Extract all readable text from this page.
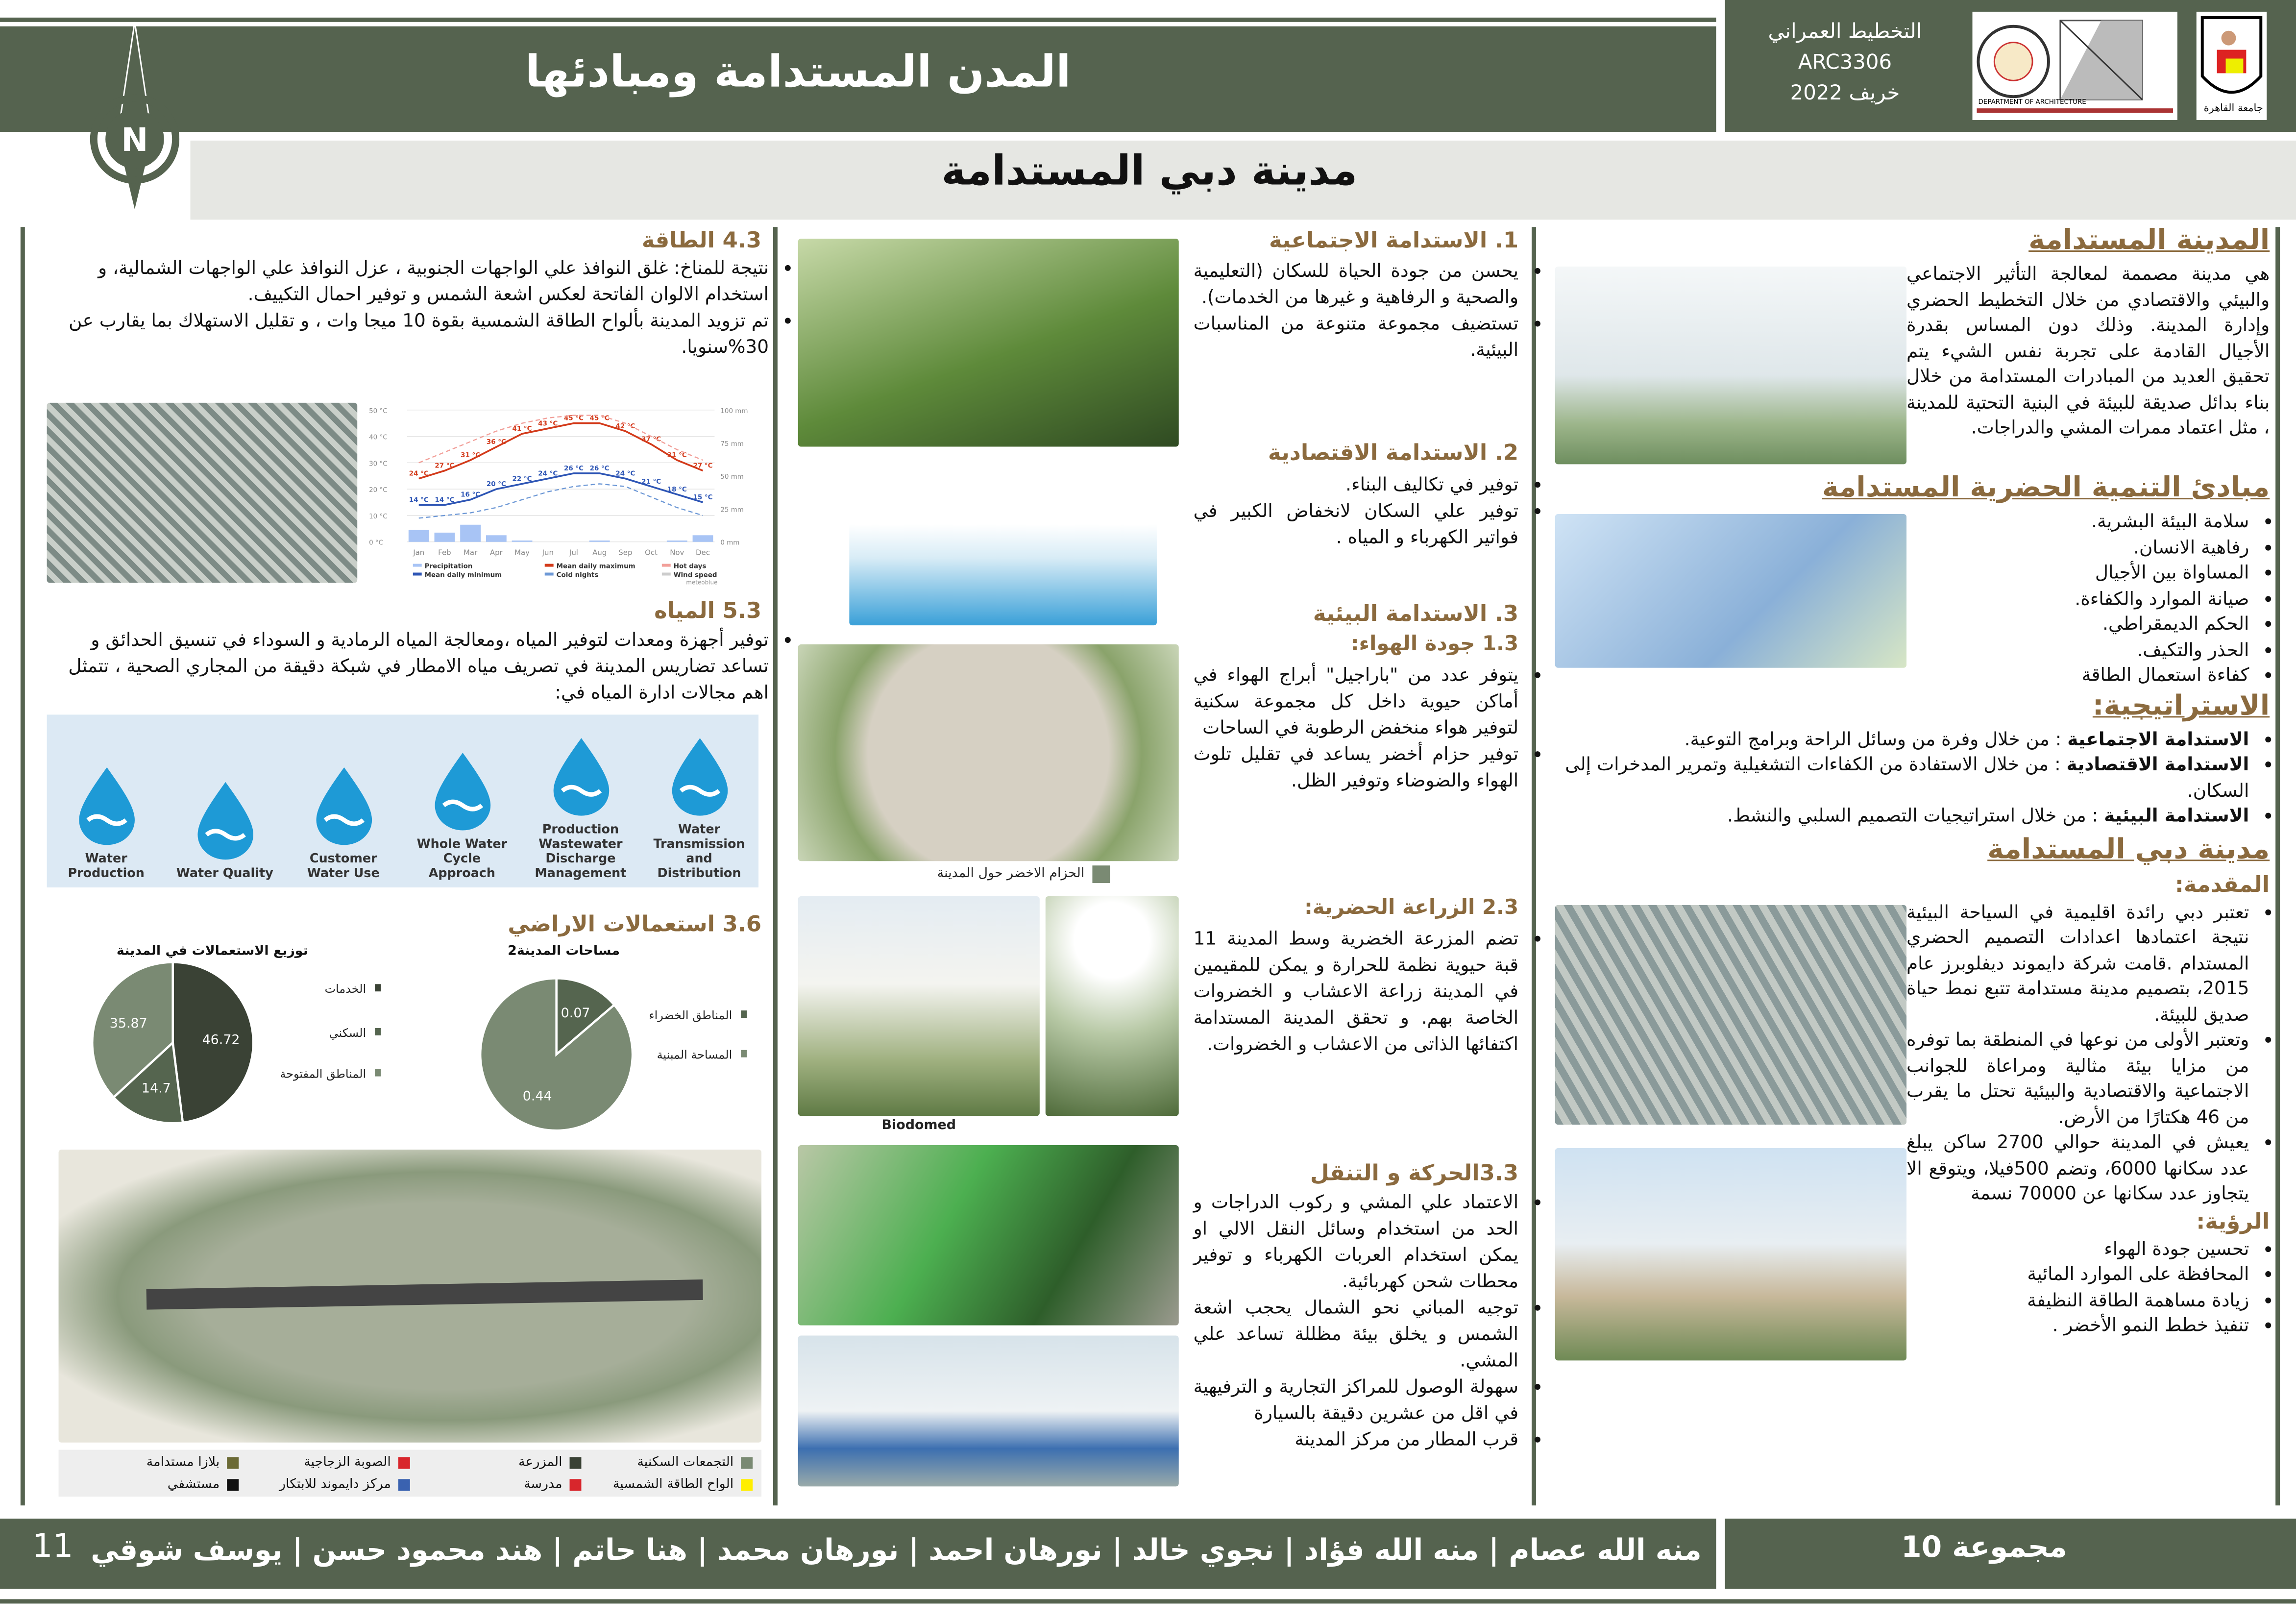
المدن المستدامة ومبادئها
التخطيط العمراني
ARC3306
خريف 2022	DEPARTMENT OF ARCHITECTURE	جامعة القاهرة
N
مدينة دبي المستدامة
المدينة المستدامة
هي مدينة مصممة لمعالجة التأثير الاجتماعي والبيئي والاقتصادي من خلال التخطيط الحضري وإدارة المدينة. وذلك دون المساس بقدرة الأجيال القادمة على تجربة نفس الشيء يتم تحقيق العديد من المبادرات المستدامة من خلال بناء بدائل صديقة للبيئة في البنية التحتية للمدينة ، مثل اعتماد ممرات المشي والدراجات.
مبادئ التنمية الحضرية المستدامة
• سلامة البيئة البشرية.
• رفاهية الانسان.
• المساواة بين الأجيال
• صيانة الموارد والكفاءة.
• الحكم الديمقراطي.
• الحذر والتكيف.
• كفاءة استعمال الطاقة
الاستراتيجية:
• الاستدامة الاجتماعية : من خلال وفرة من وسائل الراحة وبرامج التوعية.
• الاستدامة الاقتصادية : من خلال الاستفادة من الكفاءات التشغيلية وتمرير المدخرات إلى السكان.
• الاستدامة البيئية : من خلال استراتيجيات التصميم السلبي والنشط.
مدينة دبي المستدامة
المقدمة:
• تعتبر دبي رائدة اقليمية في السياحة البيئية نتيجة اعتمادها اعدادات التصميم الحضري المستدام .قامت شركة دايموند ديفلوبرز عام 2015، بتصميم مدينة مستدامة تتبع نمط حياة صديق للبيئة.
• وتعتبر الأولى من نوعها في المنطقة بما توفره من مزايا بيئة مثالية ومراعاة للجوانب الاجتماعية والاقتصادية والبيئية تحتل ما يقرب من 46 هكتارًا من الأرض.
• يعيش في المدينة حوالي 2700 ساكن يبلغ عدد سكانها 6000، وتضم 500فيلا، ويتوقع الا يتجاوز عدد سكانها عن 70000 نسمة
الرؤية:
• تحسين جودة الهواء
• المحافظة على الموارد المائية
• زيادة مساهمة الطاقة النظيفة
• تنفيذ خطط النمو الأخضر .
1. الاستدامة الاجتماعية
• يحسن من جودة الحياة للسكان (التعليمية والصحية و الرفاهية و غيرها من الخدمات).
• تستضيف مجموعة متنوعة من المناسبات البيئية.
2. الاستدامة الاقتصادية
• توفير في تكاليف البناء.
• توفير علي السكان لانخفاض الكبير في فواتير الكهرباء و المياه .
3. الاستدامة البيئية
1.3 جودة الهواء:
• يتوفر عدد من "باراجيل" أبراج الهواء في أماكن حيوية داخل كل مجموعة سكنية لتوفير هواء منخفض الرطوبة في الساحات
• توفير حزام أخضر يساعد في تقليل تلوث الهواء والضوضاء وتوفير الظل.
الحزام الاخضر حول المدينة
2.3 الزراعة الحضرية:
• تضم المزرعة الخضرية وسط المدينة 11 قبة حيوية نظمة للحرارة و يمكن للمقيمين في المدينة زراعة الاعشاب و الخضروات الخاصة بهم. و تحقق المدينة المستدامة اكتفائها الذاتى من الاعشاب و الخضروات.
Biodomed
3.3الحركة و التنقل
• الاعتماد علي المشي و ركوب الدراجات و الحد من استخدام وسائل النقل الالي او يمكن استخدام العربات الكهرباء و توفير محطات شحن كهربائية.
• توجيه المباني نحو الشمال يحجب اشعة الشمس و يخلق بيئة مظللة تساعد علي المشي.
• سهولة الوصول للمراكز التجارية و الترفيهية في اقل من عشرين دقيقة بالسيارة
• قرب المطار من مركز المدينة
4.3 الطاقة
• نتيجة للمناخ: غلق النوافذ علي الواجهات الجنوبية ، عزل النوافذ علي الواجهات الشمالية، و استخدام الالوان الفاتحة لعكس اشعة الشمس و توفير احمال التكييف.
• تم تزويد المدينة بألواح الطاقة الشمسية بقوة 10 ميجا وات ، و تقليل الاستهلاك بما يقارب عن 30%سنويا.
0 °C
10 °C
20 °C
30 °C
40 °C
50 °C
0 mm
25 mm
50 mm
75 mm
100 mm
Jan	Feb	Mar	Apr	May	Jun	Jul	Aug	Sep	Oct	Nov	Dec
24 °C
27 °C
31 °C
36 °C
41 °C
43 °C
45 °C	45 °C
42 °C
37 °C
31 °C
27 °C
14 °C	14 °C
16 °C
20 °C
22 °C
24 °C
26 °C	26 °C
24 °C
21 °C
18 °C
15 °C
Precipitation
Mean daily minimum
Mean daily maximum
Cold nights
Hot days
Wind speed
meteoblue
5.3 المياه
• توفير أجهزة ومعدات لتوفير المياه ،ومعالجة المياه الرمادية و السوداء في تنسيق الحدائق و تساعد تضاريس المدينة في تصريف مياه الامطار في شبكة دقيقة من المجاري الصحية ، تتمثل اهم مجالات ادارة المياه في:
Water Production	Water Quality
Customer Water Use
Whole Water Cycle Approach
Production Wastewater Discharge Management
Water Transmission and Distribution
3.6 استعمالات الاراضي
توزيع الاستعمالات في المدينة
46.72
الخدمات
14.7
السكني
35.87
المناطق المفتوحة
مساحات المدينة2
0.07	المناطق الخضراء
0.44
المساحة المبنية
التجمعات السكنية
المزرعة
الصوبة الزجاجية
بلازا مستدامة
الواح الطاقة الشمسية
مدرسة
مركز دايموند للابتكار
مستشفي
منه الله عصام | منه الله فؤاد | نجوي خالد | نورهان احمد | نورهان محمد | هنا حاتم | هند محمود حسن | يوسف شوقي
11	مجموعة 10
